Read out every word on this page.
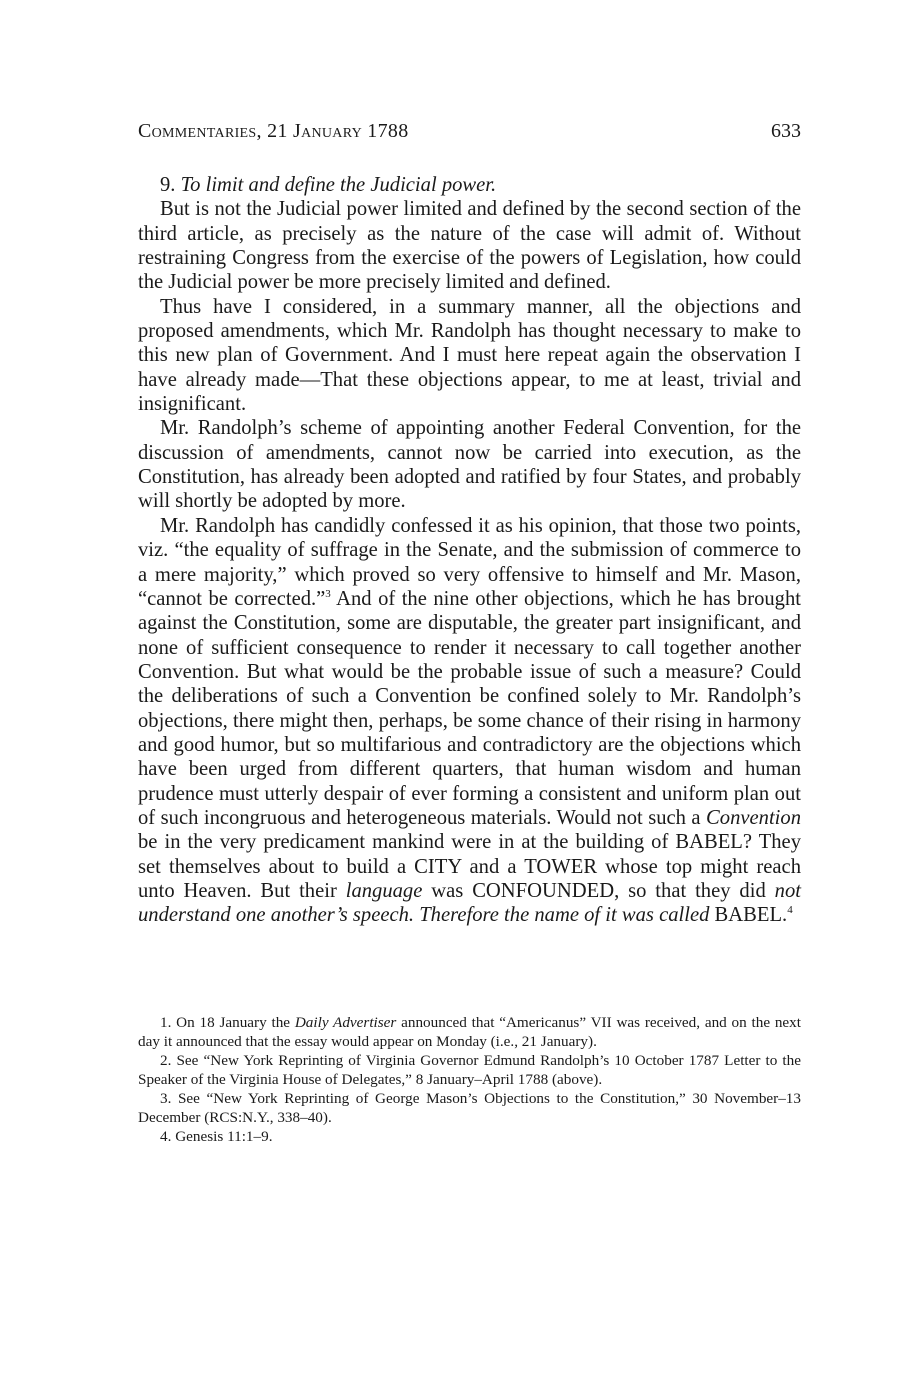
Commentaries, 21 January 1788	633

9. To limit and define the Judicial power.

But is not the Judicial power limited and defined by the second section of the third article, as precisely as the nature of the case will admit of. Without restraining Congress from the exercise of the powers of Legislation, how could the Judicial power be more precisely limited and defined.

Thus have I considered, in a summary manner, all the objections and proposed amendments, which Mr. Randolph has thought necessary to make to this new plan of Government. And I must here repeat again the observation I have already made—That these objections appear, to me at least, trivial and insignificant.

Mr. Randolph’s scheme of appointing another Federal Convention, for the discussion of amendments, cannot now be carried into execution, as the Constitution, has already been adopted and ratified by four States, and probably will shortly be adopted by more.

Mr. Randolph has candidly confessed it as his opinion, that those two points, viz. “the equality of suffrage in the Senate, and the submission of commerce to a mere majority,” which proved so very offensive to himself and Mr. Mason, “cannot be corrected.”$^3$ And of the nine other objections, which he has brought against the Constitution, some are disputable, the greater part insignificant, and none of sufficient consequence to render it necessary to call together another Convention. But what would be the probable issue of such a measure? Could the deliberations of such a Convention be confined solely to Mr. Randolph’s objections, there might then, perhaps, be some chance of their rising in harmony and good humor, but so multifarious and contradictory are the objections which have been urged from different quarters, that human wisdom and human prudence must utterly despair of ever forming a consistent and uniform plan out of such incongruous and heterogeneous materials. Would not such a Convention be in the very predicament mankind were in at the building of BABEL? They set themselves about to build a CITY and a TOWER whose top might reach unto Heaven. But their language was CONFOUNDED, so that they did not understand one another’s speech. Therefore the name of it was called BABEL.$^4$

1. On 18 January the Daily Advertiser announced that “Americanus” VII was received, and on the next day it announced that the essay would appear on Monday (i.e., 21 January).

2. See “New York Reprinting of Virginia Governor Edmund Randolph’s 10 October 1787 Letter to the Speaker of the Virginia House of Delegates,” 8 January–April 1788 (above).

3. See “New York Reprinting of George Mason’s Objections to the Constitution,” 30 November–13 December (RCS:N.Y., 338–40).

4. Genesis 11:1–9.
